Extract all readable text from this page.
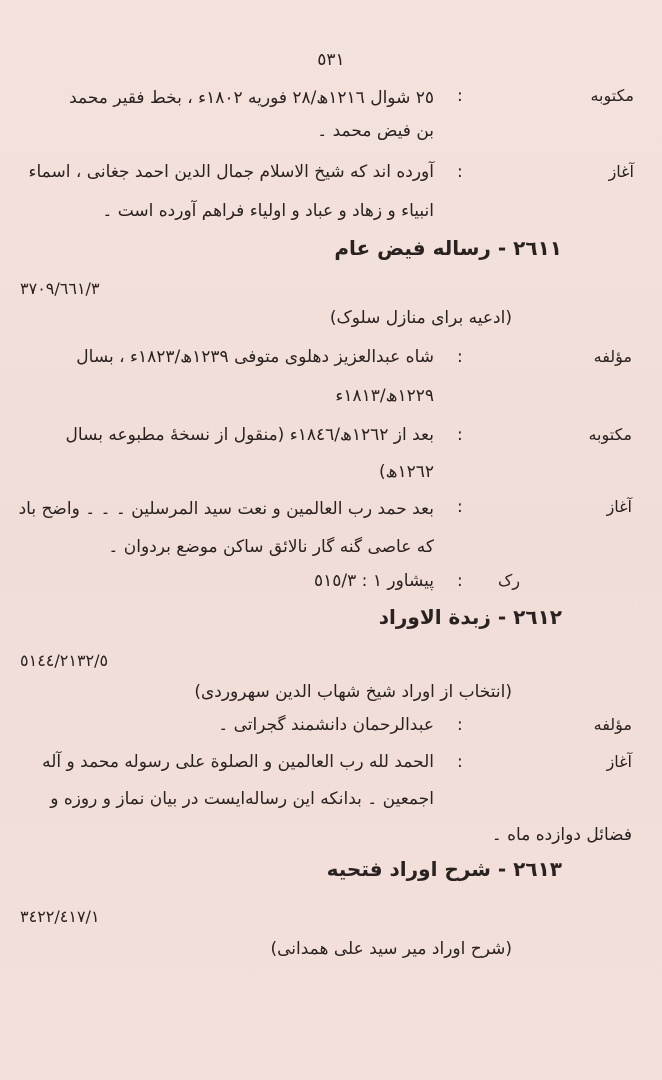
٥٣١
مکتوبه
:
٢٥ شوال ١٢١٦ھ/٢٨ فوریه ١٨٠٢ء ، بخط فقیر محمد
بن فیض محمد ۔
آغاز
:
آورده اند که شیخ الاسلام جمال الدین احمد جغانی ، اسماء
انبیاء و زهاد و عباد و اولیاء فراهم آورده است ۔
٢٦١١ - رساله فیض عام
٣٧٠٩/٦٦١/٣
(ادعیه برای منازل سلوک)
مؤلفه
:
شاه عبدالعزیز دهلوی متوفی ١٢٣٩ھ/١٨٢٣ء ، بسال
١٢٢٩ھ/١٨١٣ء
مکتوبه
:
بعد از ١٢٦٢ھ/١٨٤٦ء (منقول از نسخهٔ مطبوعه بسال
١٢٦٢ھ)
آغاز
:
بعد حمد رب العالمین و نعت سید المرسلین ۔ ۔ ۔ واضح باد
که عاصی گنه گار نالائق ساکن موضع بردوان ۔
رک
:
پیشاور ١ : ٥١٥/٣
٢٦١٢ - زبدة الاوراد
٥١٤٤/٢١٣٢/٥
(انتخاب از اوراد شیخ شهاب الدین سهروردی)
مؤلفه
:
عبدالرحمان دانشمند گجراتی ۔
آغاز
:
الحمد لله رب العالمین و الصلوة علی رسوله محمد و آله
اجمعین ۔ بدانکه این رساله‌ایست در بیان نماز و روزه و
فضائل دوازده ماه ۔
٢٦١٣ - شرح اوراد فتحیه
٣٤٢٢/٤١٧/١
(شرح اوراد میر سید علی همدانی)
